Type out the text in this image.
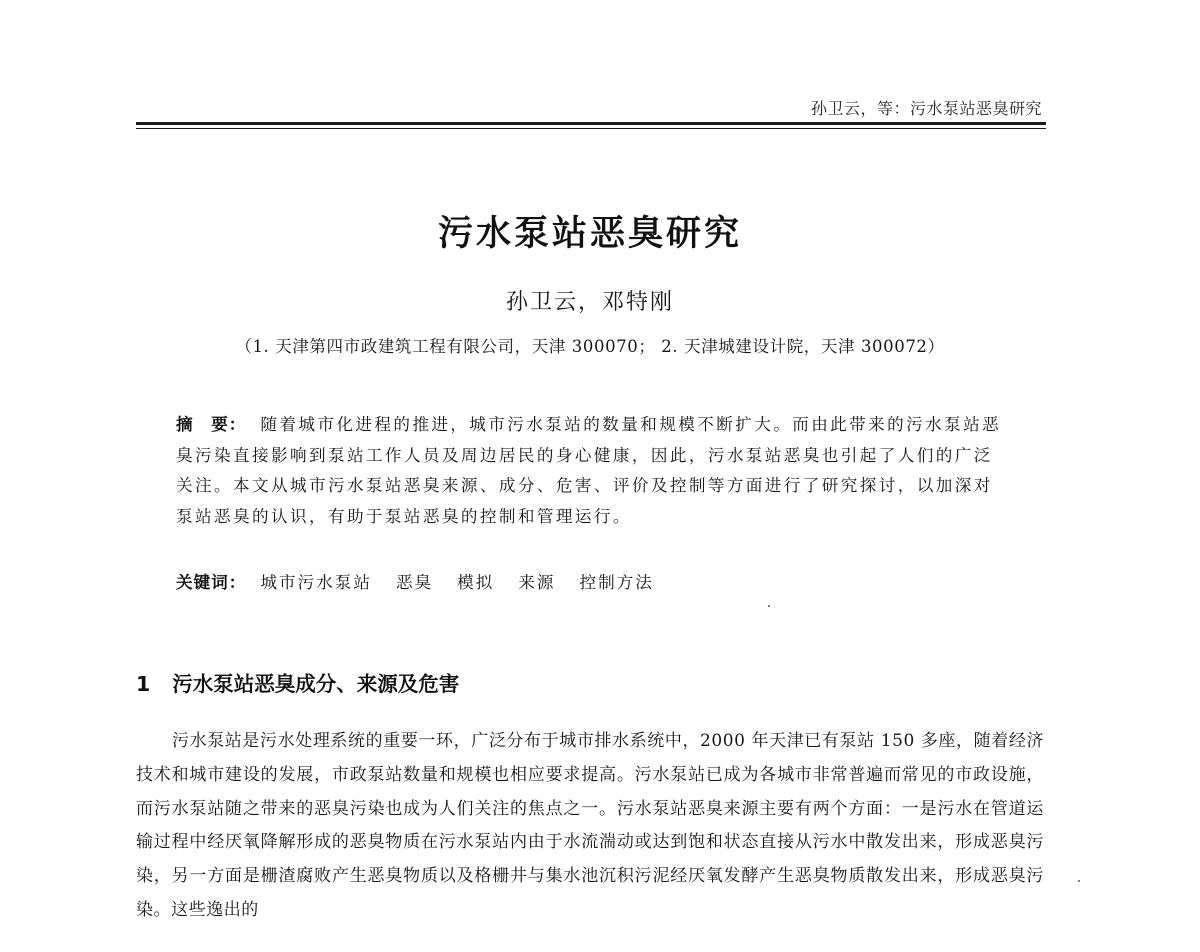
孙卫云，等：污水泵站恶臭研究
污水泵站恶臭研究
孙卫云，邓特刚
（1. 天津第四市政建筑工程有限公司，天津 300070； 2. 天津城建设计院，天津 300072）

摘　要： 随着城市化进程的推进，城市污水泵站的数量和规模不断扩大。而由此带来的污水泵站恶臭污染直接影响到泵站工作人员及周边居民的身心健康，因此，污水泵站恶臭也引起了人们的广泛关注。本文从城市污水泵站恶臭来源、成分、危害、评价及控制等方面进行了研究探讨，以加深对泵站恶臭的认识，有助于泵站恶臭的控制和管理运行。

关键词： 城市污水泵站 恶臭 模拟 来源 控制方法
1 污水泵站恶臭成分、来源及危害

污水泵站是污水处理系统的重要一环，广泛分布于城市排水系统中，2000 年天津已有泵站 150 多座，随着经济技术和城市建设的发展，市政泵站数量和规模也相应要求提高。污水泵站已成为各城市非常普遍而常见的市政设施，而污水泵站随之带来的恶臭污染也成为人们关注的焦点之一。污水泵站恶臭来源主要有两个方面：一是污水在管道运输过程中经厌氧降解形成的恶臭物质在污水泵站内由于水流湍动或达到饱和状态直接从污水中散发出来，形成恶臭污染，另一方面是栅渣腐败产生恶臭物质以及格栅井与集水池沉积污泥经厌氧发酵产生恶臭物质散发出来，形成恶臭污染。这些逸出的
